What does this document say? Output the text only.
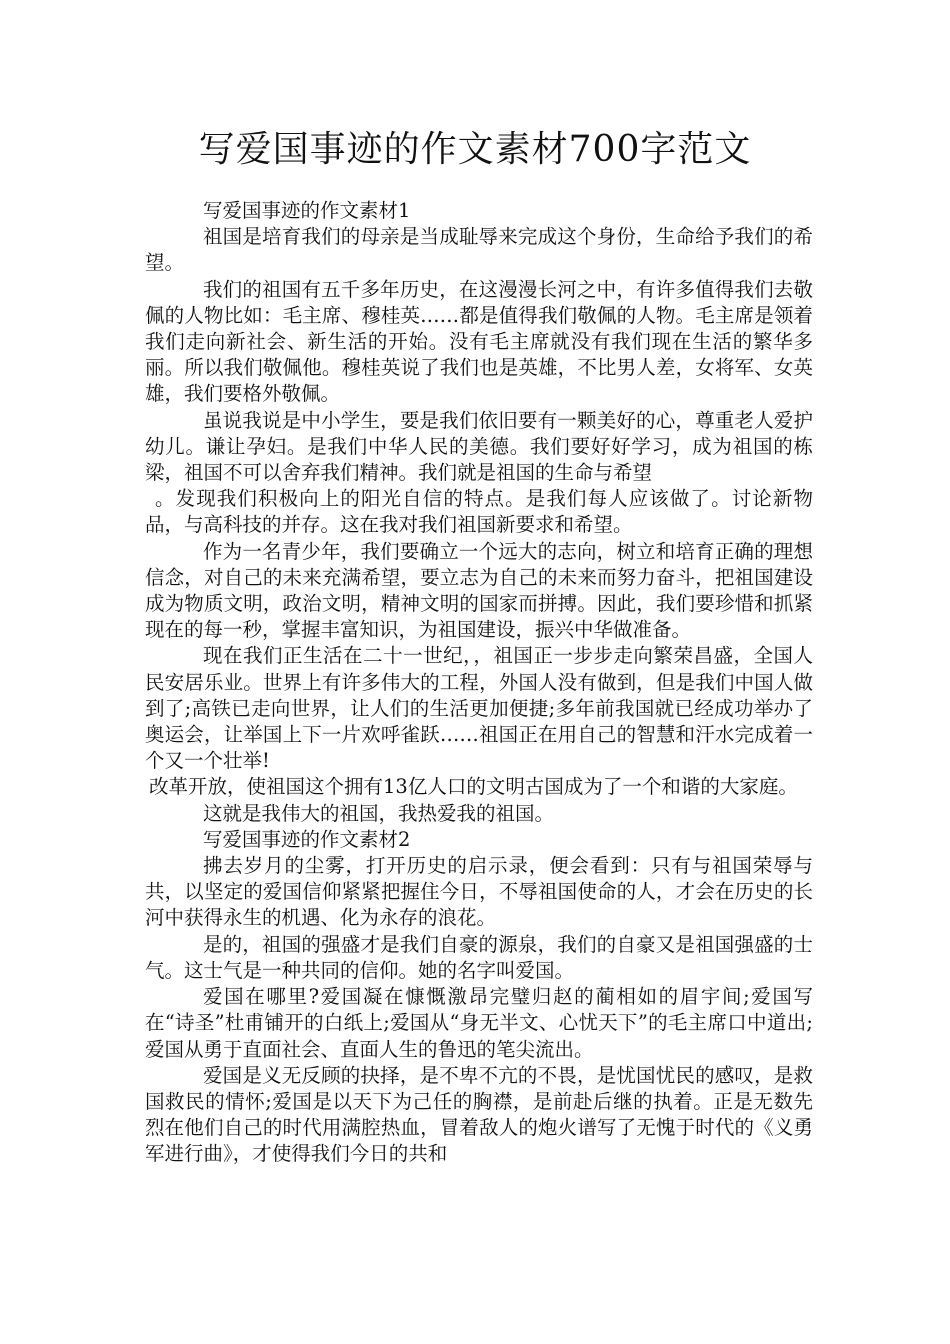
写爱国事迹的作文素材700字范文

写爱国事迹的作文素材1

祖国是培育我们的母亲是当成耻辱来完成这个身份，生命给予我们的希望。

我们的祖国有五千多年历史，在这漫漫长河之中，有许多值得我们去敬佩的人物比如：毛主席、穆桂英……都是值得我们敬佩的人物。毛主席是领着我们走向新社会、新生活的开始。没有毛主席就没有我们现在生活的繁华多丽。所以我们敬佩他。穆桂英说了我们也是英雄，不比男人差，女将军、女英雄，我们要格外敬佩。

虽说我说是中小学生，要是我们依旧要有一颗美好的心，尊重老人爱护幼儿。谦让孕妇。是我们中华人民的美德。我们要好好学习，成为祖国的栋梁，祖国不可以舍弃我们精神。我们就是祖国的生命与希望

。发现我们积极向上的阳光自信的特点。是我们每人应该做了。讨论新物品，与高科技的并存。这在我对我们祖国新要求和希望。

作为一名青少年，我们要确立一个远大的志向，树立和培育正确的理想信念，对自己的未来充满希望，要立志为自己的未来而努力奋斗，把祖国建设成为物质文明，政治文明，精神文明的国家而拼搏。因此，我们要珍惜和抓紧现在的每一秒，掌握丰富知识，为祖国建设，振兴中华做准备。

现在我们正生活在二十一世纪，，祖国正一步步走向繁荣昌盛，全国人民安居乐业。世界上有许多伟大的工程，外国人没有做到，但是我们中国人做到了;高铁已走向世界，让人们的生活更加便捷;多年前我国就已经成功举办了奥运会，让举国上下一片欢呼雀跃……祖国正在用自己的智慧和汗水完成着一个又一个壮举!

改革开放，使祖国这个拥有13亿人口的文明古国成为了一个和谐的大家庭。

这就是我伟大的祖国，我热爱我的祖国。

写爱国事迹的作文素材2

拂去岁月的尘雾，打开历史的启示录，便会看到：只有与祖国荣辱与共，以坚定的爱国信仰紧紧把握住今日，不辱祖国使命的人，才会在历史的长河中获得永生的机遇、化为永存的浪花。

是的，祖国的强盛才是我们自豪的源泉，我们的自豪又是祖国强盛的士气。这士气是一种共同的信仰。她的名字叫爱国。

爱国在哪里?爱国凝在慷慨激昂完璧归赵的蔺相如的眉宇间;爱国写在“诗圣”杜甫铺开的白纸上;爱国从“身无半文、心忧天下”的毛主席口中道出;爱国从勇于直面社会、直面人生的鲁迅的笔尖流出。

爱国是义无反顾的抉择，是不卑不亢的不畏，是忧国忧民的感叹，是救国救民的情怀;爱国是以天下为己任的胸襟，是前赴后继的执着。正是无数先烈在他们自己的时代用满腔热血，冒着敌人的炮火谱写了无愧于时代的《义勇军进行曲》，才使得我们今日的共和
